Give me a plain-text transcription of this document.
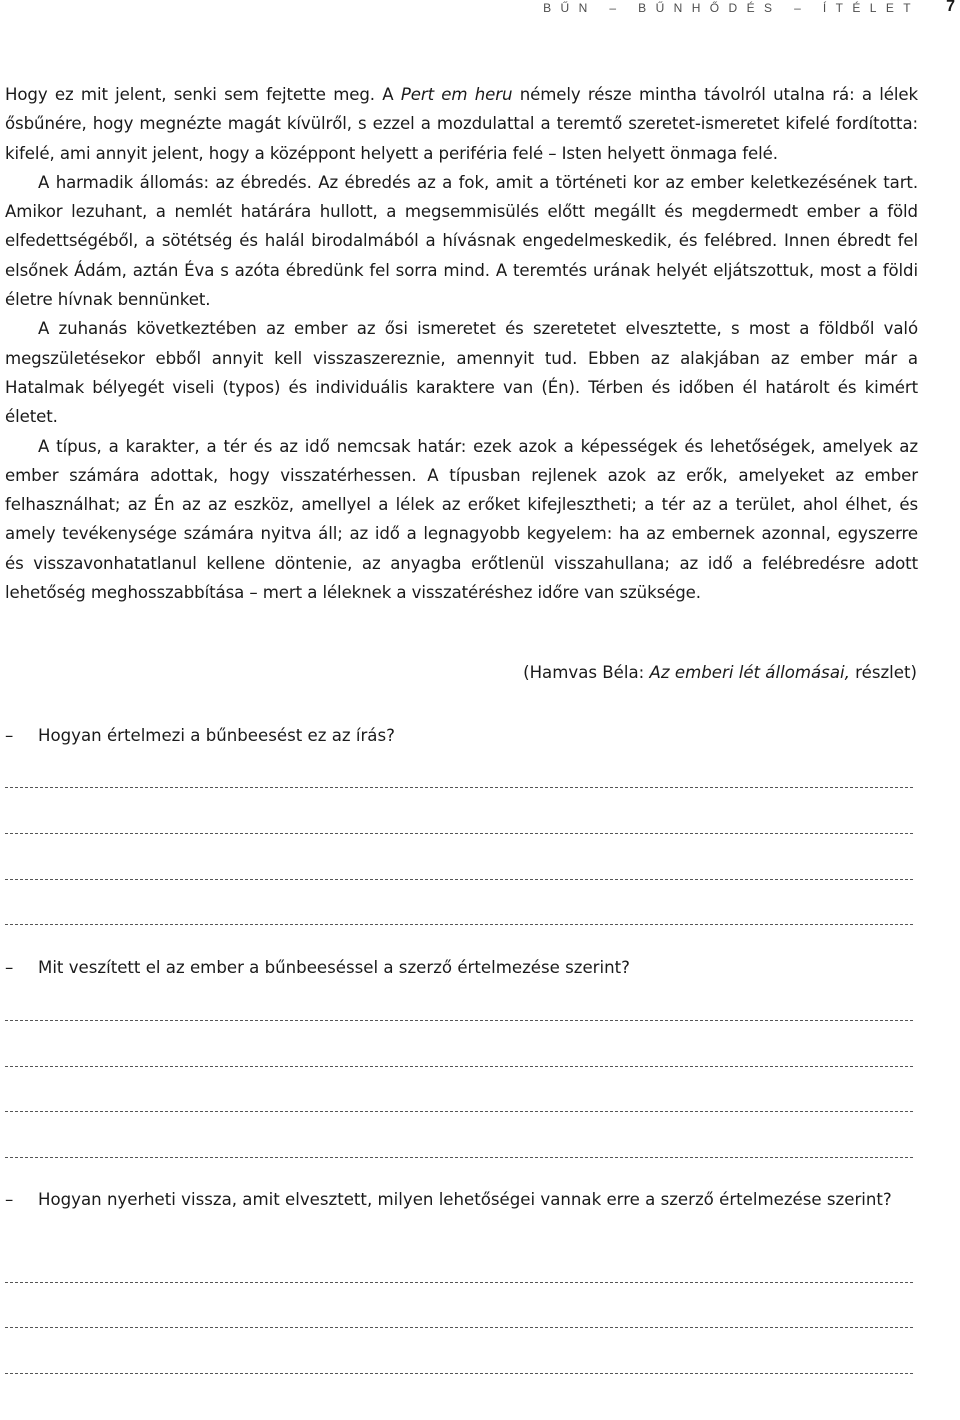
BŰN – BŰNHŐDÉS – ÍTÉLET 7

Hogy ez mit jelent, senki sem fejtette meg. A Pert em heru némely része mintha távolról utalna rá: a lélek ősbűnére, hogy megnézte magát kívülről, s ezzel a mozdulattal a teremtő szeretet-ismeretet kifelé fordította: kifelé, ami annyit jelent, hogy a középpont helyett a periféria felé – Isten helyett önmaga felé.

A harmadik állomás: az ébredés. Az ébredés az a fok, amit a történeti kor az ember keletkezésének tart. Amikor lezuhant, a nemlét határára hullott, a megsemmisülés előtt megállt és megdermedt ember a föld elfedettségéből, a sötétség és halál birodalmából a hívásnak engedelmeskedik, és felébred. Innen ébredt fel elsőnek Ádám, aztán Éva s azóta ébredünk fel sorra mind. A teremtés urának helyét eljátszottuk, most a földi életre hívnak bennünket.

A zuhanás következtében az ember az ősi ismeretet és szeretetet elvesztette, s most a földből való megszületésekor ebből annyit kell visszaszereznie, amennyit tud. Ebben az alakjában az ember már a Hatalmak bélyegét viseli (typos) és individuális karaktere van (Én). Térben és időben él határolt és kimért életet.

A típus, a karakter, a tér és az idő nemcsak határ: ezek azok a képességek és lehetőségek, amelyek az ember számára adottak, hogy visszatérhessen. A típusban rejlenek azok az erők, amelyeket az ember felhasználhat; az Én az az eszköz, amellyel a lélek az erőket kifejlesztheti; a tér az a terület, ahol élhet, és amely tevékenysége számára nyitva áll; az idő a legnagyobb kegyelem: ha az embernek azonnal, egyszerre és visszavonhatatlanul kellene döntenie, az anyagba erőtlenül visszahullana; az idő a felébredésre adott lehetőség meghosszabbítása – mert a léleknek a visszatéréshez időre van szüksége.

(Hamvas Béla: Az emberi lét állomásai, részlet)
–	Hogyan értelmezi a bűnbeesést ez az írás?
–	Mit veszített el az ember a bűnbeeséssel a szerző értelmezése szerint?
–	Hogyan nyerheti vissza, amit elvesztett, milyen lehetőségei vannak erre a szerző értelmezése szerint?
